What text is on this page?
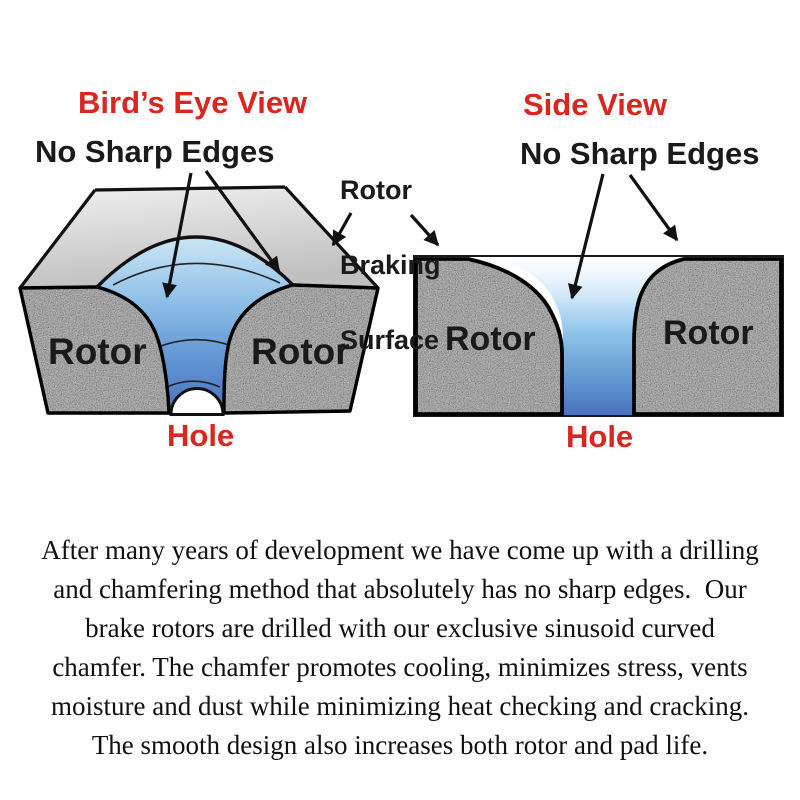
Bird’s Eye View	Side View
No Sharp Edges	No Sharp Edges

Rotor

Braking

Surface

Rotor	Rotor	Rotor	Rotor
Hole	Hole
After many years of development we have come up with a drilling
and chamfering method that absolutely has no sharp edges.  Our
brake rotors are drilled with our exclusive sinusoid curved
chamfer. The chamfer promotes cooling, minimizes stress, vents
moisture and dust while minimizing heat checking and cracking.
The smooth design also increases both rotor and pad life.
